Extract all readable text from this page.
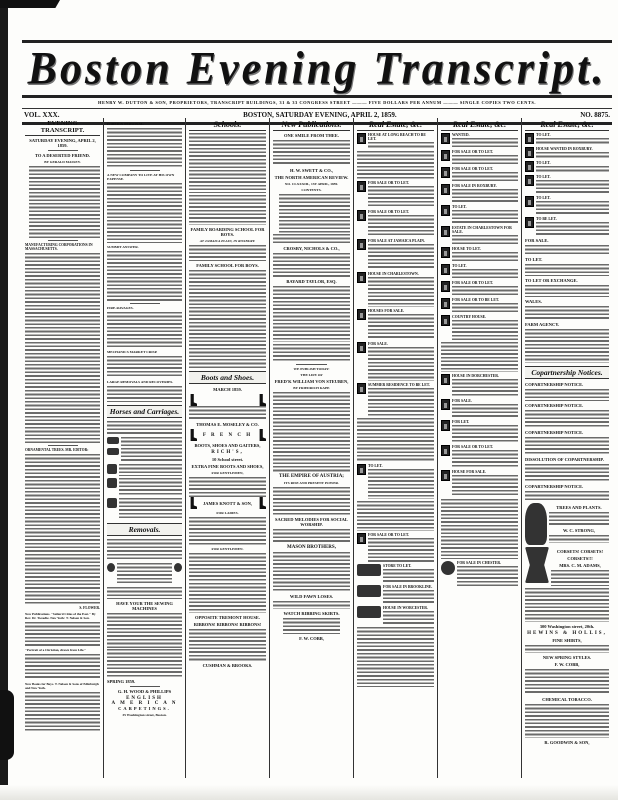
Boston Evening Transcript.
HENRY W. DUTTON & SON, PROPRIETORS, TRANSCRIPT BUILDINGS, 31 & 33 CONGRESS STREET ——— FIVE DOLLARS PER ANNUM ——— SINGLE COPIES TWO CENTS.
VOL. XXX.	BOSTON, SATURDAY EVENING, APRIL 2, 1859.	NO. 8875.
EVENING TRANSCRIPT.
SATURDAY EVENING, APRIL 2, 1859.
TO A DESERTED FRIEND.
BY GERALD MASSEY.
MANUFACTURING CORPORATIONS IN MASSACHUSETTS.
ORNAMENTAL TREES. MR. EDITOR:
S. FLOWER.
New Publications. "Suburd Cities of the East." By Rev. Dr. Tweedie. New York: T. Nelson & Son.
"Portrait of a Christian, drawn from Life."
New Books for Boys. T. Nelson & Sons of Edinburgh and New York.
FOREIGN PERSONAL.
A NEW COMPANY TO LIVE AT HIS OWN EXPENSE.
SUMMIT ANSWER.
FIRE-RAVAGES.
MECHANICS MARKET CRISP.
LARGE REMOVALS AND RECOVERIES.
Horses and Carriages.
Removals.
HAVE YOUR THE SEWING MACHINES
SPRING 1859.
G. H. WOOD & PHILLIPS
ENGLISH
A M E R I C A N
CARPETINGS.
35 Washington street, Boston.
Schools.
FAMILY BOARDING SCHOOL FOR BOYS.
AT JAMAICA PLAIN, IN ROXBURY.
FAMILY SCHOOL FOR BOYS.
Boots and Shoes.
MARCH 1859.
THOMAS E. MOSELEY & CO.
F R E N C H
BOOTS, SHOES AND GAITERS,
RICH'S,
10 School street.
EXTRA FINE BOOTS AND SHOES,
FOR GENTLEMEN,
JAMES KNOTT & SON,
FOR LADIES.
FOR GENTLEMEN.
OPPOSITE TREMONT HOUSE.
RIBBONS! RIBBONS! RIBBONS!
CUSHMAN & BROOKS.
New Publications.
ONE SMILE FROM THEE.
H. W. SWETT & CO.,
THE NORTH AMERICAN REVIEW.
NO. CLXXXIII., 1ST APRIL, 1859.
CONTENTS.
CROSBY, NICHOLS & CO.,
BAYARD TAYLOR, ESQ.
WE PUBLISH TODAY:
THE LIFE OF
FRED'K WILLIAM VON STEUBEN,
BY FRIEDRICH KAPP.
THE EMPIRE OF AUSTRIA;
ITS RISE AND PRESENT POWER.
SACRED MELODIES FOR SOCIAL WORSHIP.
MASON BROTHERS,
WILD FAWN LOSES.
WATCH RIBBING SKIRTS.
F. W. COBB,
Real Estate, &c.
HOUSE AT LONG BEACH TO BE LET.
FOR SALE OR TO LET.
FOR SALE OR TO LET.
FOR SALE AT JAMAICA PLAIN.
HOUSE IN CHARLESTOWN.
HOUSES FOR SALE.
FOR SALE.
SUMMER RESIDENCE TO BE LET.
TO LET.
FOR SALE OR TO LET.
STORE TO LET.
FOR SALE IN BROOKLINE.
HOUSE IN WORCESTER.
Real Estate, &c.
WANTED.
FOR SALE OR TO LET.
FOR SALE OR TO LET.
FOR SALE IN ROXBURY.
TO LET.
ESTATE IN CHARLESTOWN FOR SALE.
HOUSE TO LET.
TO LET.
FOR SALE OR TO LET.
FOR SALE OR TO BE LET.
COUNTRY HOUSE.
HOUSE IN DORCHESTER.
FOR SALE.
FOR LET.
FOR SALE OR TO LET.
HOUSE FOR SALE.
FOR SALE IN CHESTER.
Real Estate, &c.
TO LET.
HOUSE WANTED IN ROXBURY.
TO LET.
TO LET.
TO LET.
TO BE LET.
FOR SALE.
TO LET.
TO LET OR EXCHANGE.
WALES.
FARM AGENCY.
Copartnership Notices.
COPARTNERSHIP NOTICE.
COPARTNERSHIP NOTICE.
COPARTNERSHIP NOTICE.
DISSOLUTION OF COPARTNERSHIP.
COPARTNERSHIP NOTICE.
TREES AND PLANTS.
W. C. STRONG,
CORSETS! CORSETS!
CORSETS!!!
MRS. C. M. ADAMS,
300 Washington street, 20th.
HEWINS & HOLLIS,
FINE SHIRTS,
NEW SPRING STYLES.
F. W. COBB,
CHEMICAL TOBACCO.
R. GOODWIN & SON,
